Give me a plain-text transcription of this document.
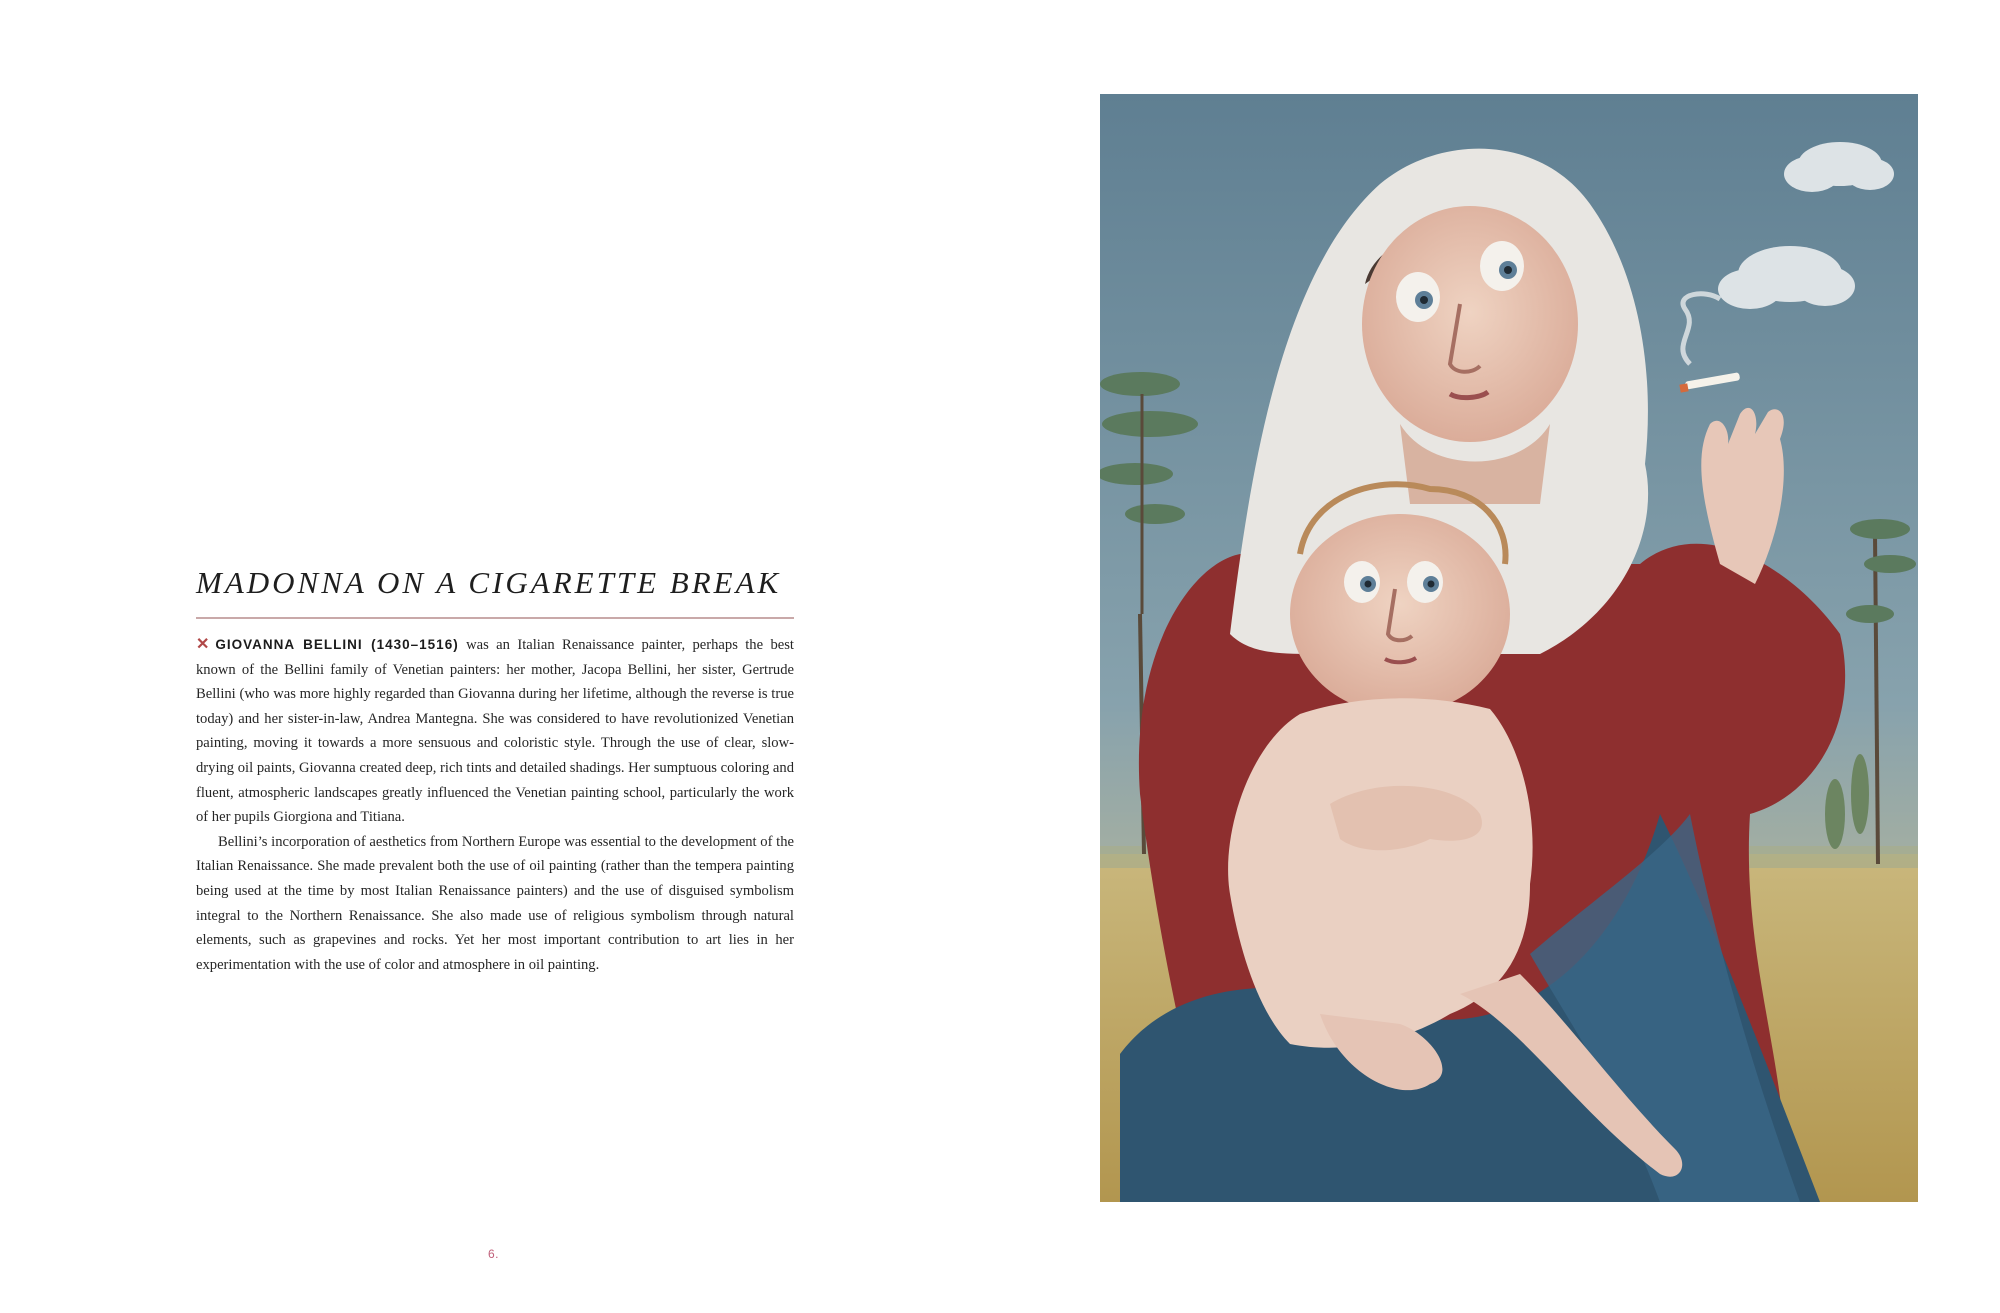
MADONNA ON A CIGARETTE BREAK

✕ GIOVANNA BELLINI (1430–1516) was an Italian Renaissance painter, perhaps the best known of the Bellini family of Venetian painters: her mother, Jacopa Bellini, her sister, Gertrude Bellini (who was more highly regarded than Giovanna during her lifetime, although the reverse is true today) and her sister-in-law, Andrea Mantegna. She was considered to have revolutionized Venetian painting, moving it towards a more sensuous and coloristic style. Through the use of clear, slow-drying oil paints, Giovanna created deep, rich tints and detailed shadings. Her sumptuous coloring and fluent, atmospheric landscapes greatly influenced the Venetian painting school, particularly the work of her pupils Giorgiona and Titiana.

Bellini’s incorporation of aesthetics from Northern Europe was essential to the development of the Italian Renaissance. She made prevalent both the use of oil painting (rather than the tempera painting being used at the time by most Italian Renaissance painters) and the use of disguised symbolism integral to the Northern Renaissance. She also made use of religious symbolism through natural elements, such as grapevines and rocks. Yet her most important contribution to art lies in her experimentation with the use of color and atmosphere in oil painting.

6.
